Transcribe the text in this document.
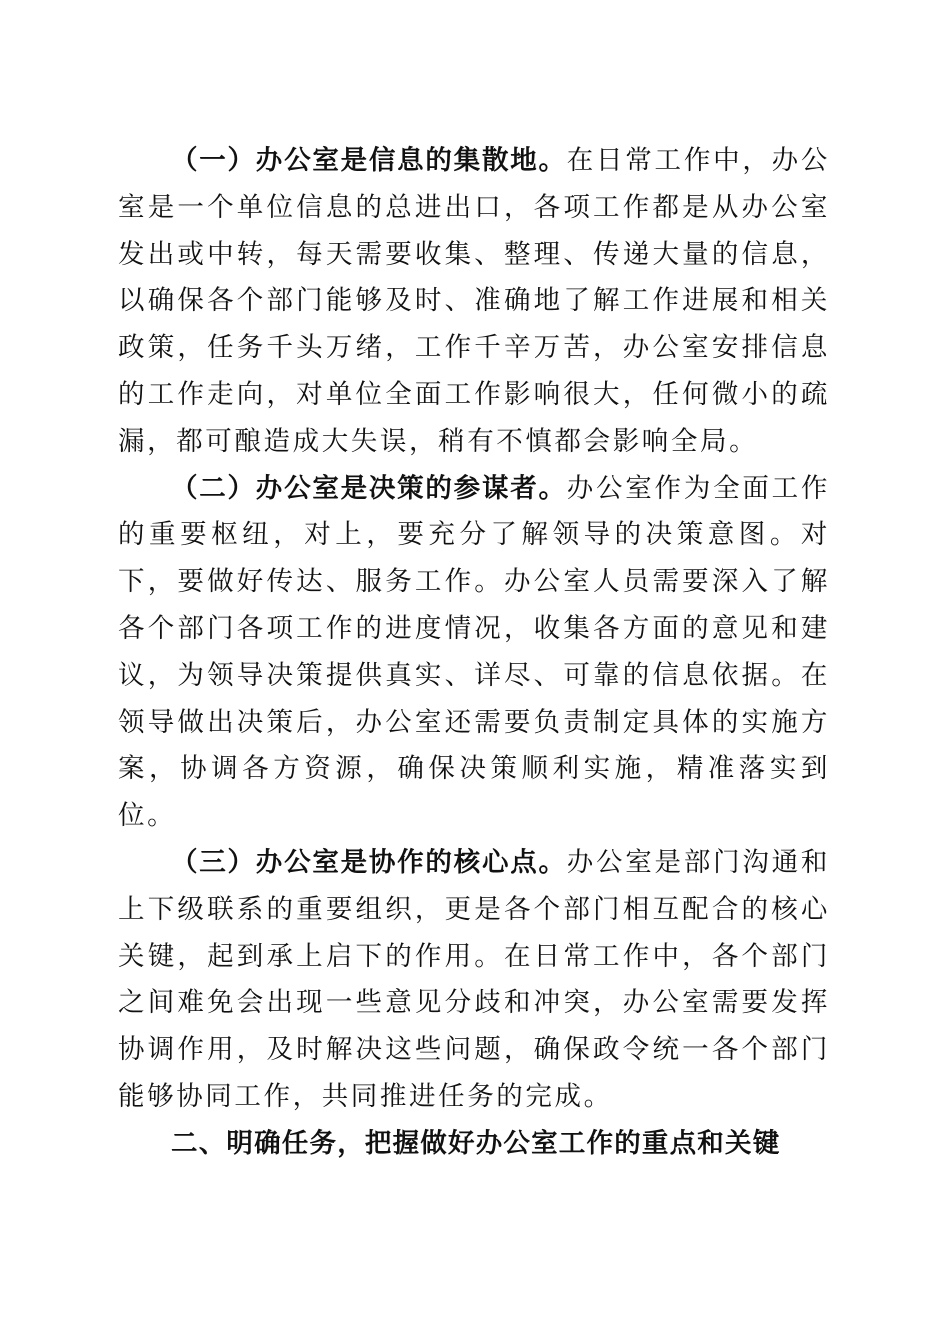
（一）办公室是信息的集散地。在日常工作中，办公室是一个单位信息的总进出口，各项工作都是从办公室发出或中转，每天需要收集、整理、传递大量的信息，以确保各个部门能够及时、准确地了解工作进展和相关政策，任务千头万绪，工作千辛万苦，办公室安排信息的工作走向，对单位全面工作影响很大，任何微小的疏漏，都可酿造成大失误，稍有不慎都会影响全局。

（二）办公室是决策的参谋者。办公室作为全面工作的重要枢纽，对上，要充分了解领导的决策意图。对下，要做好传达、服务工作。办公室人员需要深入了解各个部门各项工作的进度情况，收集各方面的意见和建议，为领导决策提供真实、详尽、可靠的信息依据。在领导做出决策后，办公室还需要负责制定具体的实施方案，协调各方资源，确保决策顺利实施，精准落实到位。

（三）办公室是协作的核心点。办公室是部门沟通和上下级联系的重要组织，更是各个部门相互配合的核心关键，起到承上启下的作用。在日常工作中，各个部门之间难免会出现一些意见分歧和冲突，办公室需要发挥协调作用，及时解决这些问题，确保政令统一各个部门能够协同工作，共同推进任务的完成。

二、明确任务，把握做好办公室工作的重点和关键
